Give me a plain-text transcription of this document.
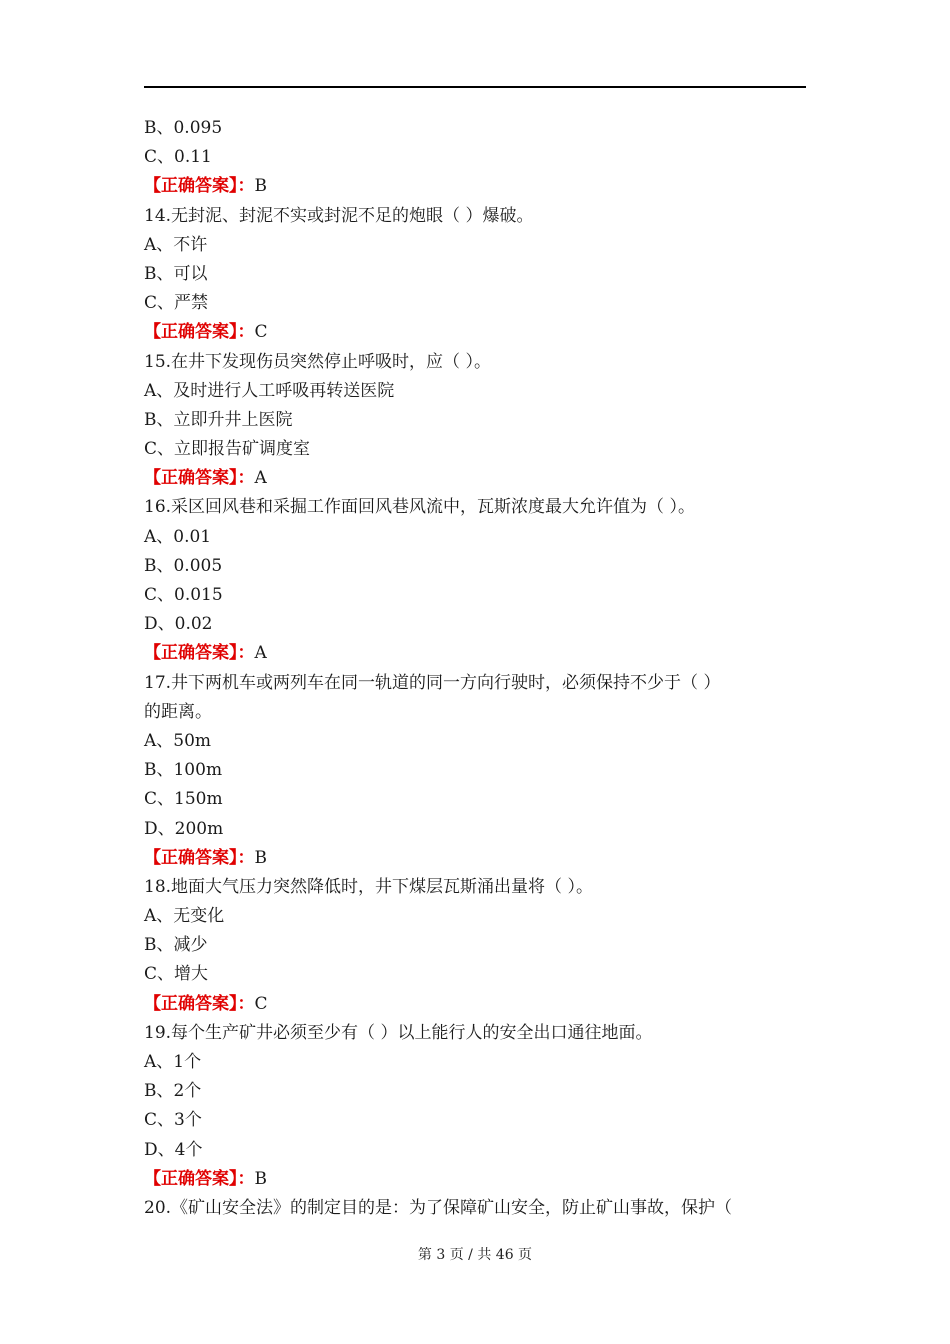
B、0.095
C、0.11
【正确答案】：B
14.无封泥、封泥不实或封泥不足的炮眼（ ）爆破。
A、不许
B、可以
C、严禁
【正确答案】：C
15.在井下发现伤员突然停止呼吸时，应（ ）。
A、及时进行人工呼吸再转送医院
B、立即升井上医院
C、立即报告矿调度室
【正确答案】：A
16.采区回风巷和采掘工作面回风巷风流中，瓦斯浓度最大允许值为（ ）。
A、0.01
B、0.005
C、0.015
D、0.02
【正确答案】：A
17.井下两机车或两列车在同一轨道的同一方向行驶时，必须保持不少于（ ）
的距离。
A、50m
B、100m
C、150m
D、200m
【正确答案】：B
18.地面大气压力突然降低时，井下煤层瓦斯涌出量将（ ）。
A、无变化
B、减少
C、增大
【正确答案】：C
19.每个生产矿井必须至少有（ ）以上能行人的安全出口通往地面。
A、1个
B、2个
C、3个
D、4个
【正确答案】：B
20.《矿山安全法》的制定目的是：为了保障矿山安全，防止矿山事故，保护（
第 3 页 / 共 46 页
